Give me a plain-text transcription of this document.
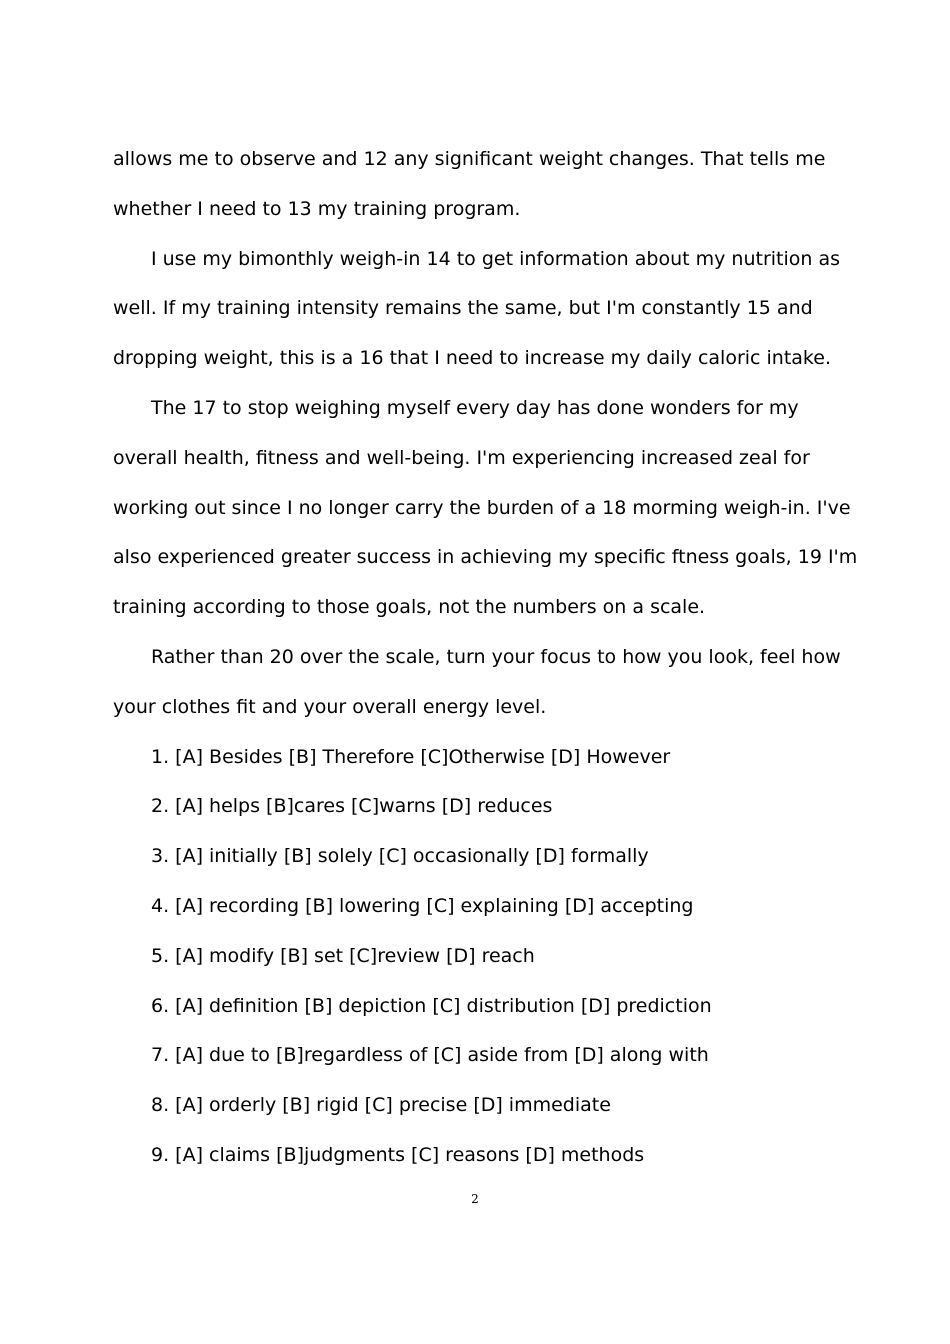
allows me to observe and 12 any significant weight changes. That tells me
whether I need to 13 my training program.
I use my bimonthly weigh-in 14 to get information about my nutrition as
well. If my training intensity remains the same, but I'm constantly 15 and
dropping weight, this is a 16 that I need to increase my daily caloric intake.
The 17 to stop weighing myself every day has done wonders for my
overall health, fitness and well-being. I'm experiencing increased zeal for
working out since I no longer carry the burden of a 18 morming weigh-in. I've
also experienced greater success in achieving my specific ftness goals, 19 I'm
training according to those goals, not the numbers on a scale.
Rather than 20 over the scale, turn your focus to how you look, feel how
your clothes fit and your overall energy level.
1. [A] Besides [B] Therefore [C]Otherwise [D] However
2. [A] helps [B]cares [C]warns [D] reduces
3. [A] initially [B] solely [C] occasionally [D] formally
4. [A] recording [B] lowering [C] explaining [D] accepting
5. [A] modify [B] set [C]review [D] reach
6. [A] definition [B] depiction [C] distribution [D] prediction
7. [A] due to [B]regardless of [C] aside from [D] along with
8. [A] orderly [B] rigid [C] precise [D] immediate
9. [A] claims [B]judgments [C] reasons [D] methods
2
